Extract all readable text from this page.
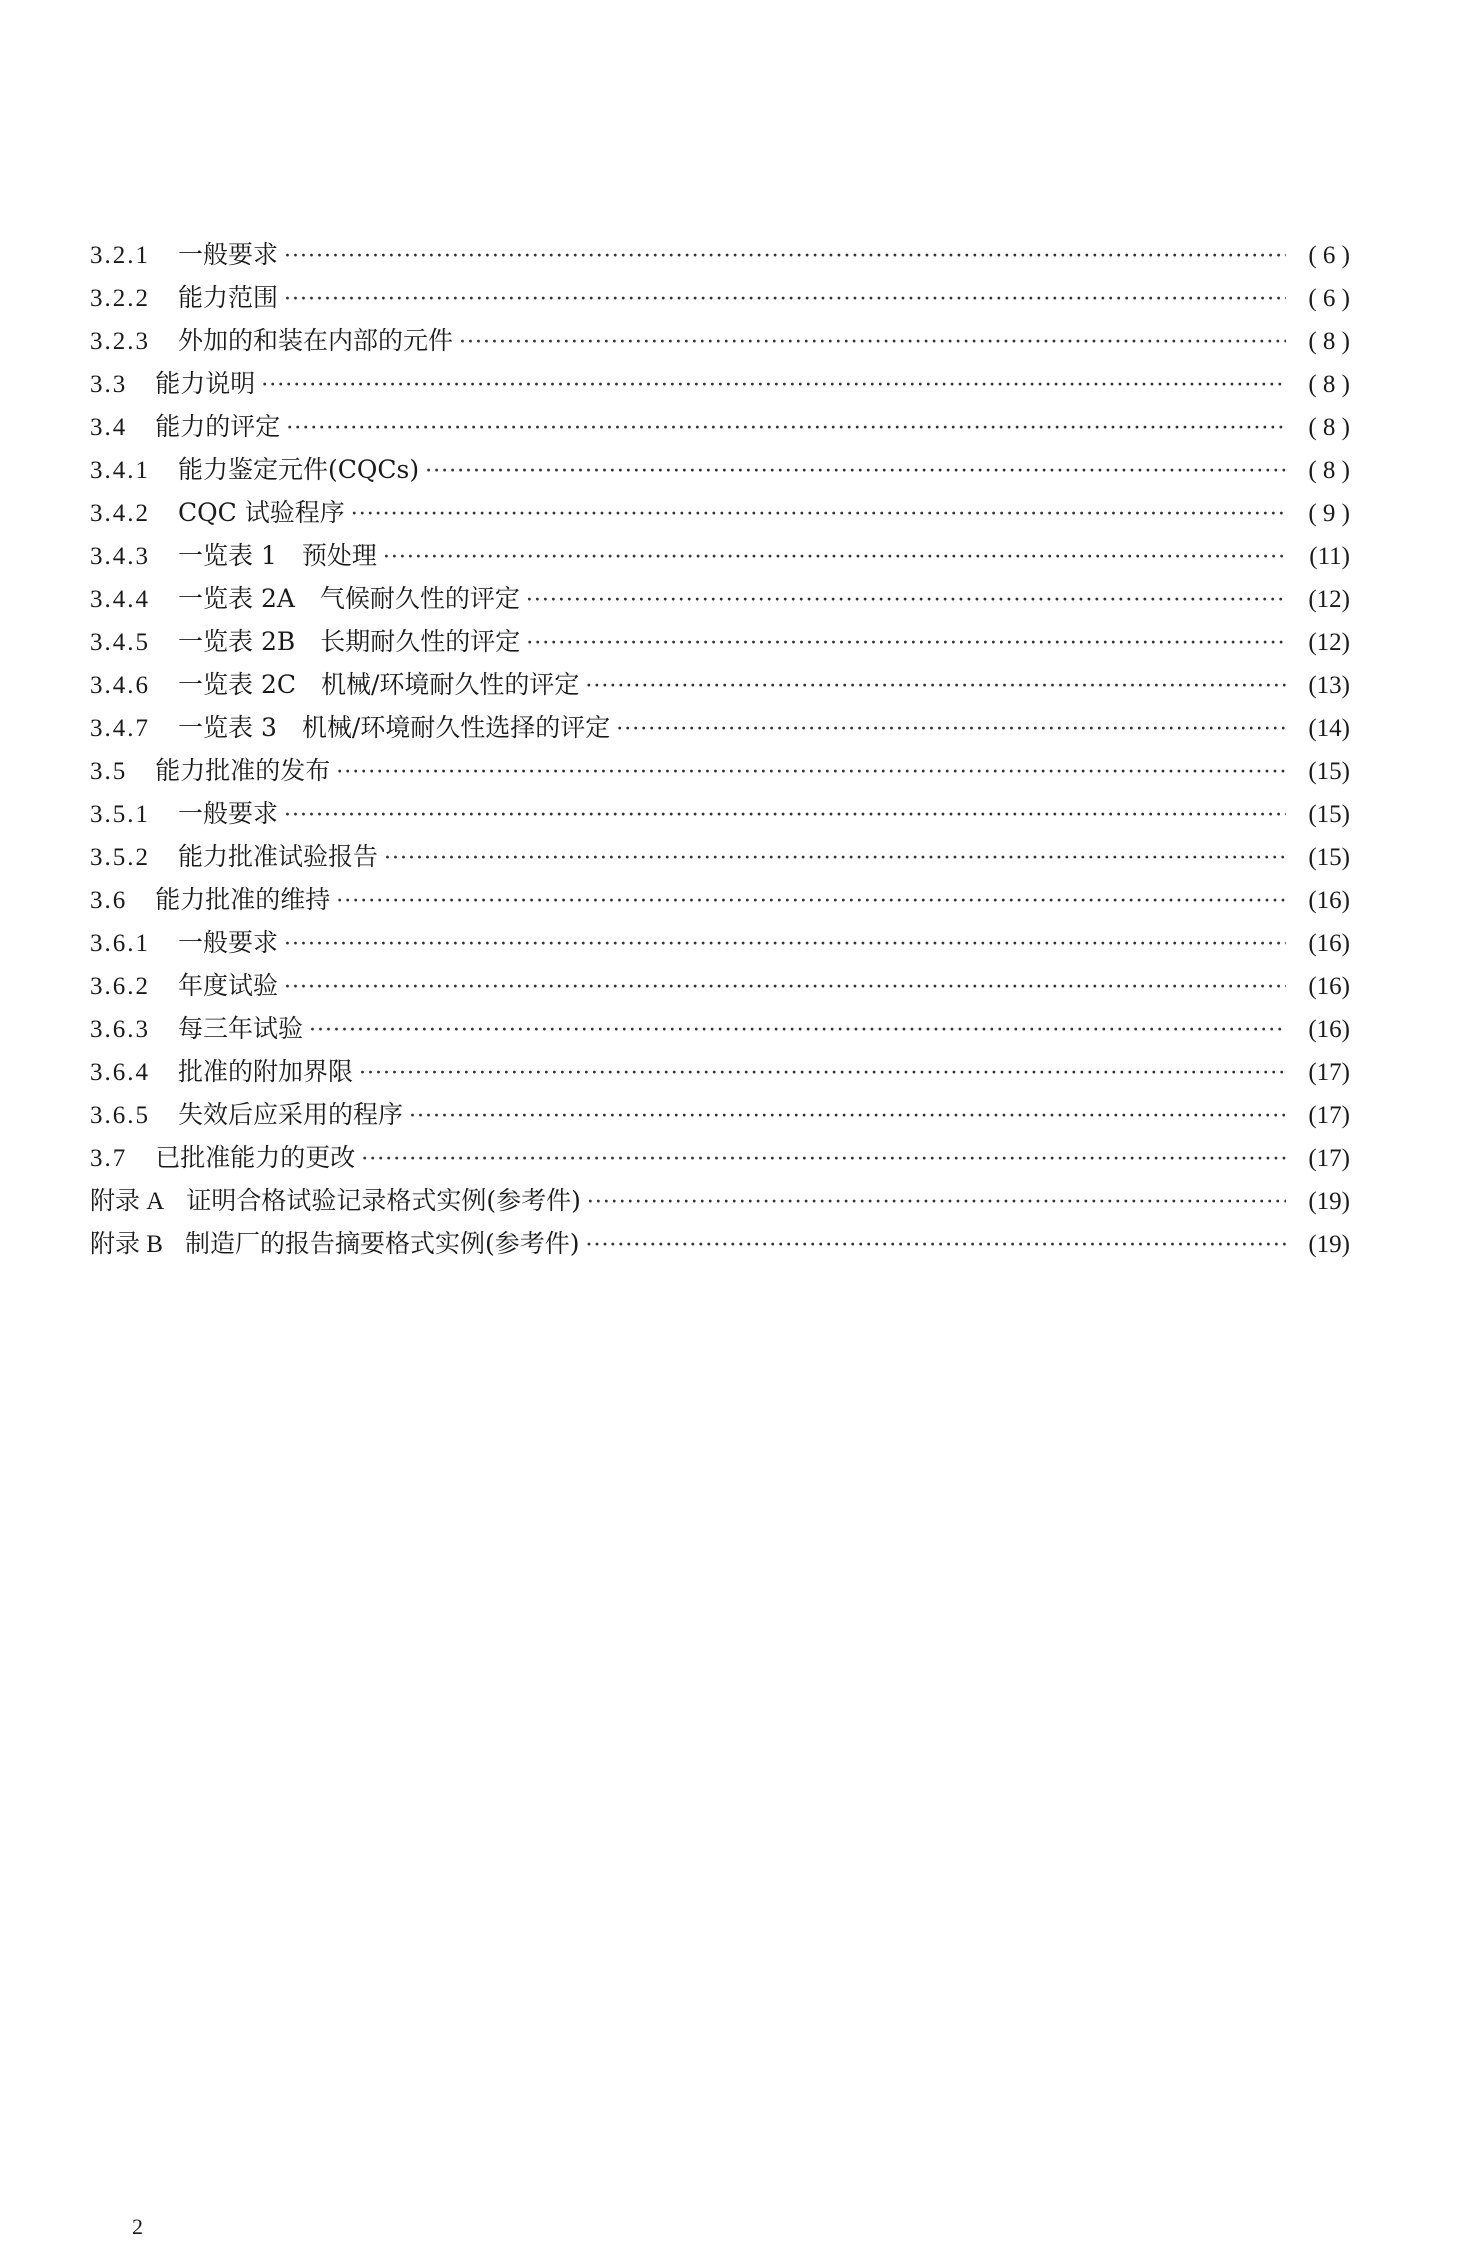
3.2.1 一般要求 ·····	( 6 )
3.2.2 能力范围 ·····	( 6 )
3.2.3 外加的和装在内部的元件 ·····	( 8 )
3.3 能力说明 ·····	( 8 )
3.4 能力的评定 ·····	( 8 )
3.4.1 能力鉴定元件(CQCs) ·····	( 8 )
3.4.2 CQC 试验程序 ·····	( 9 )
3.4.3 一览表 1　预处理 ·····	(11)
3.4.4 一览表 2A　气候耐久性的评定 ·····	(12)
3.4.5 一览表 2B　长期耐久性的评定 ·····	(12)
3.4.6 一览表 2C　机械/环境耐久性的评定 ·····	(13)
3.4.7 一览表 3　机械/环境耐久性选择的评定 ·····	(14)
3.5 能力批准的发布 ·····	(15)
3.5.1 一般要求 ·····	(15)
3.5.2 能力批准试验报告 ·····	(15)
3.6 能力批准的维持 ·····	(16)
3.6.1 一般要求 ·····	(16)
3.6.2 年度试验 ·····	(16)
3.6.3 每三年试验 ·····	(16)
3.6.4 批准的附加界限 ·····	(17)
3.6.5 失效后应采用的程序 ·····	(17)
3.7 已批准能力的更改 ·····	(17)
附录 A 证明合格试验记录格式实例(参考件) ·····	(19)
附录 B 制造厂的报告摘要格式实例(参考件) ·····	(19)
2
